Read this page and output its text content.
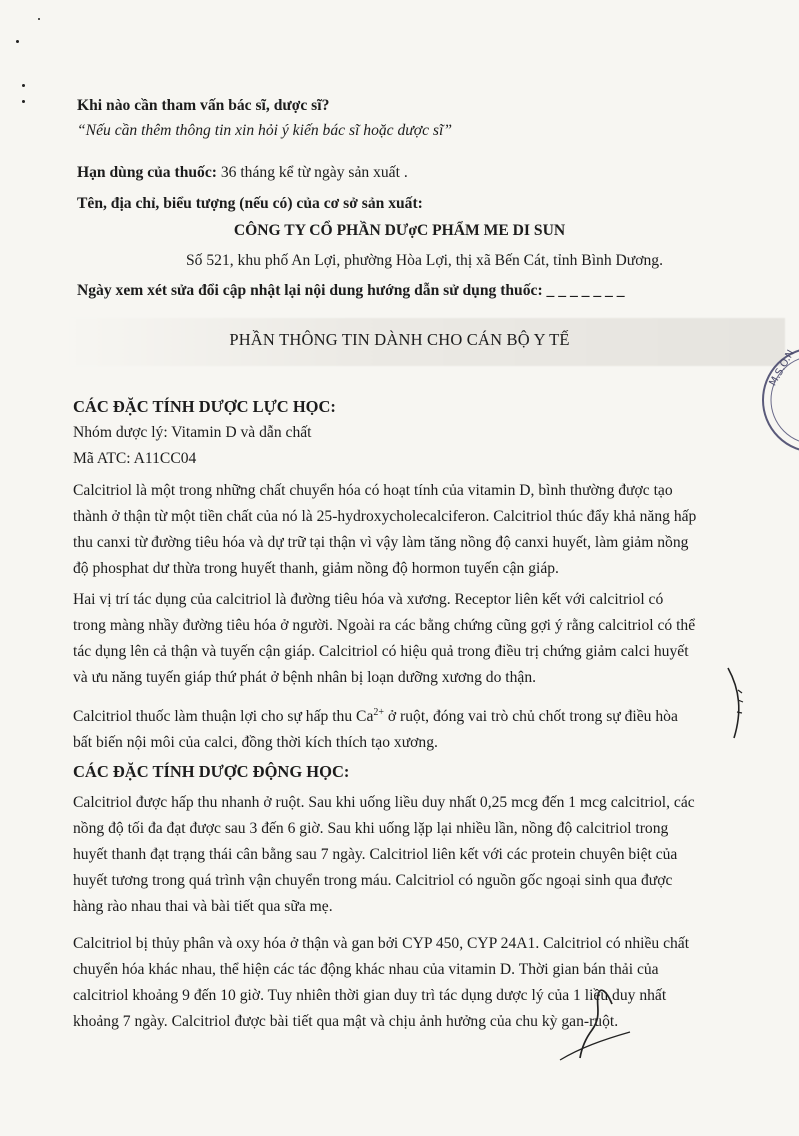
Khi nào cần tham vấn bác sĩ, dược sĩ?
“Nếu cần thêm thông tin xin hỏi ý kiến bác sĩ hoặc dược sĩ”
Hạn dùng của thuốc: 36 tháng kể từ ngày sản xuất .
Tên, địa chỉ, biểu tượng (nếu có) của cơ sở sản xuất:
CÔNG TY CỔ PHẦN DƯợC PHẨM ME DI SUN
Số 521, khu phố An Lợi, phường Hòa Lợi, thị xã Bến Cát, tỉnh Bình Dương.
Ngày xem xét sửa đổi cập nhật lại nội dung hướng dẫn sử dụng thuốc: _ _ _ _ _ _ _
PHẦN THÔNG TIN DÀNH CHO CÁN BỘ Y TẾ
M.S.O.N
CÁC ĐẶC TÍNH DƯỢC LỰC HỌC:
Nhóm dược lý: Vitamin D và dẫn chất
Mã ATC: A11CC04
Calcitriol là một trong những chất chuyển hóa có hoạt tính của vitamin D, bình thường được tạo
thành ở thận từ một tiền chất của nó là 25-hydroxycholecalciferon. Calcitriol thúc đẩy khả năng hấp
thu canxi từ đường tiêu hóa và dự trữ tại thận vì vậy làm tăng nồng độ canxi huyết, làm giảm nồng
độ phosphat dư thừa trong huyết thanh, giảm nồng độ hormon tuyến cận giáp.
Hai vị trí tác dụng của calcitriol là đường tiêu hóa và xương. Receptor liên kết với calcitriol có
trong màng nhầy đường tiêu hóa ở người. Ngoài ra các bằng chứng cũng gợi ý rằng calcitriol có thể
tác dụng lên cả thận và tuyến cận giáp. Calcitriol có hiệu quả trong điều trị chứng giảm calci huyết
và ưu năng tuyến giáp thứ phát ở bệnh nhân bị loạn dưỡng xương do thận.
Calcitriol thuốc làm thuận lợi cho sự hấp thu $Ca^{2+}$ ở ruột, đóng vai trò chủ chốt trong sự điều hòa
bất biến nội môi của calci, đồng thời kích thích tạo xương.
CÁC ĐẶC TÍNH DƯỢC ĐỘNG HỌC:
Calcitriol được hấp thu nhanh ở ruột. Sau khi uống liều duy nhất 0,25 mcg đến 1 mcg calcitriol, các
nồng độ tối đa đạt được sau 3 đến 6 giờ. Sau khi uống lặp lại nhiều lần, nồng độ calcitriol trong
huyết thanh đạt trạng thái cân bằng sau 7 ngày. Calcitriol liên kết với các protein chuyên biệt của
huyết tương trong quá trình vận chuyển trong máu. Calcitriol có nguồn gốc ngoại sinh qua được
hàng rào nhau thai và bài tiết qua sữa mẹ.
Calcitriol bị thủy phân và oxy hóa ở thận và gan bởi CYP 450, CYP 24A1. Calcitriol có nhiều chất
chuyển hóa khác nhau, thể hiện các tác động khác nhau của vitamin D. Thời gian bán thải của
calcitriol khoảng 9 đến 10 giờ. Tuy nhiên thời gian duy trì tác dụng dược lý của 1 liều duy nhất
khoảng 7 ngày. Calcitriol được bài tiết qua mật và chịu ảnh hưởng của chu kỳ gan-ruột.
